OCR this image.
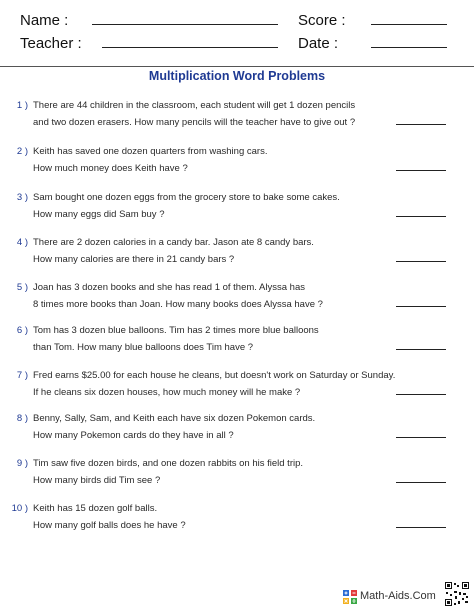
Name :	Score :
Teacher :	Date :
Multiplication Word Problems
1 ) There are 44 children in the classroom, each student will get 1 dozen pencils
and two dozen erasers. How many pencils will the teacher have to give out ?
2 ) Keith has saved one dozen quarters from washing cars.
How much money does Keith have ?
3 ) Sam bought one dozen eggs from the grocery store to bake some cakes.
How many eggs did Sam buy ?
4 ) There are 2 dozen calories in a candy bar. Jason ate 8 candy bars.
How many calories are there in 21 candy bars ?
5 ) Joan has 3 dozen books and she has read 1 of them. Alyssa has
8 times more books than Joan. How many books does Alyssa have ?
6 ) Tom has 3 dozen blue balloons. Tim has 2 times more blue balloons
than Tom. How many blue balloons does Tim have ?
7 ) Fred earns $25.00 for each house he cleans, but doesn't work on Saturday or Sunday.
If he cleans six dozen houses, how much money will he make ?
8 ) Benny, Sally, Sam, and Keith each have six dozen Pokemon cards.
How many Pokemon cards do they have in all ?
9 ) Tim saw five dozen birds, and one dozen rabbits on his field trip.
How many birds did Tim see ?
10 ) Keith has 15 dozen golf balls.
How many golf balls does he have ?
Math-Aids.Com
